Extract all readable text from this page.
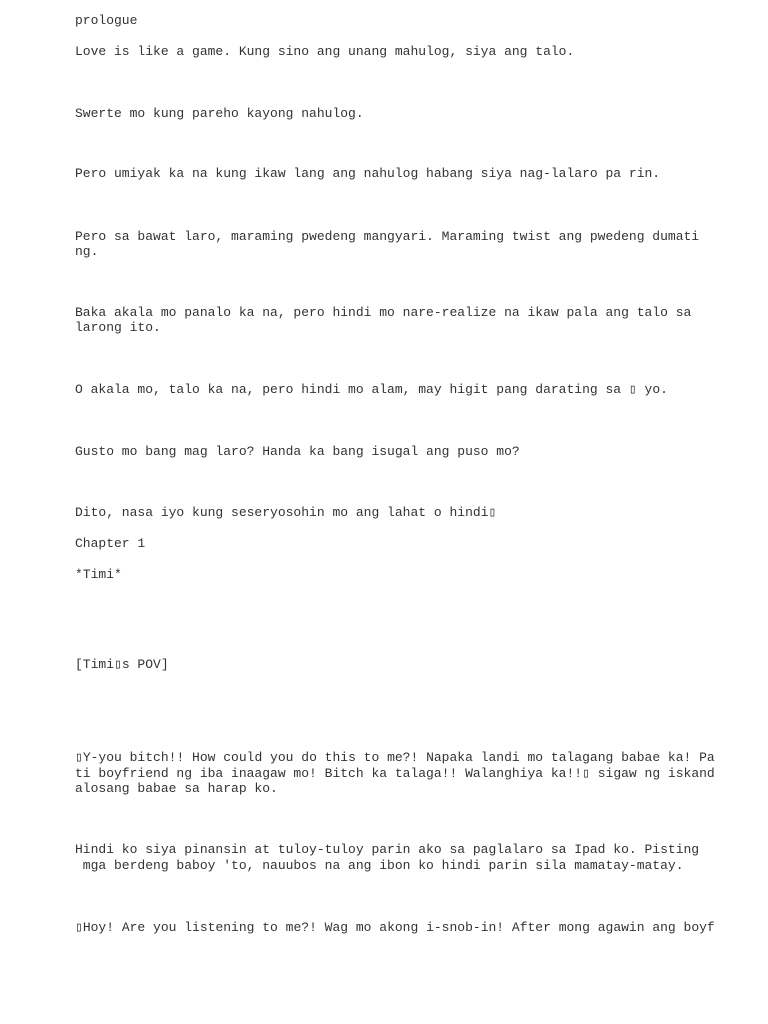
prologue

Love is like a game. Kung sino ang unang mahulog, siya ang talo.

Swerte mo kung pareho kayong nahulog.

Pero umiyak ka na kung ikaw lang ang nahulog habang siya nag-lalaro pa rin.

Pero sa bawat laro, maraming pwedeng mangyari. Maraming twist ang pwedeng dumati

ng.

Baka akala mo panalo ka na, pero hindi mo nare-realize na ikaw pala ang talo sa

larong ito.

O akala mo, talo ka na, pero hindi mo alam, may higit pang darating sa ▯ yo.

Gusto mo bang mag laro? Handa ka bang isugal ang puso mo?

Dito, nasa iyo kung seseryosohin mo ang lahat o hindi▯

Chapter 1

*Timi*

[Timi▯s POV]

▯Y-you bitch!! How could you do this to me?! Napaka landi mo talagang babae ka! Pa

ti boyfriend ng iba inaagaw mo! Bitch ka talaga!! Walanghiya ka!!▯ sigaw ng iskand

alosang babae sa harap ko.

Hindi ko siya pinansin at tuloy-tuloy parin ako sa paglalaro sa Ipad ko. Pisting

mga berdeng baboy 'to, nauubos na ang ibon ko hindi parin sila mamatay-matay.

▯Hoy! Are you listening to me?! Wag mo akong i-snob-in! After mong agawin ang boyf
